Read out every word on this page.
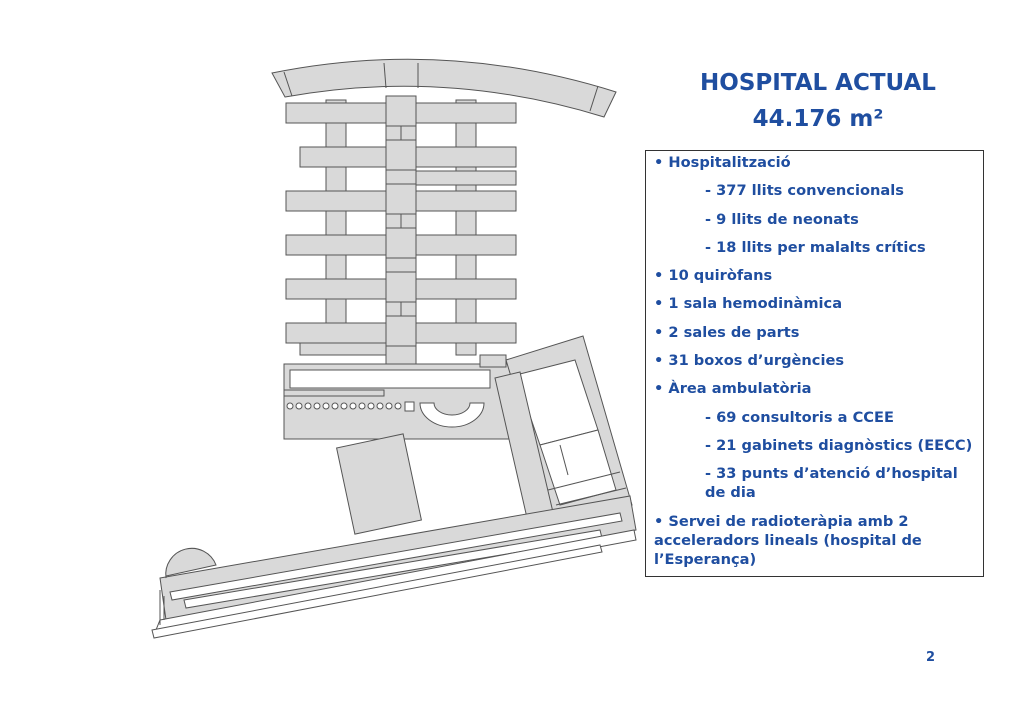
HOSPITAL ACTUAL
44.176 m²
• Hospitalització
- 377 llits convencionals
- 9 llits de neonats
- 18 llits per malalts crítics
• 10 quiròfans
• 1 sala hemodinàmica
• 2 sales de parts
• 31 boxos d’urgències
• Àrea ambulatòria
- 69 consultoris a CCEE
- 21 gabinets diagnòstics (EECC)
- 33 punts d’atenció d’hospital de dia
• Servei de radioteràpia amb 2 acceleradors lineals (hospital de l’Esperança)
2
